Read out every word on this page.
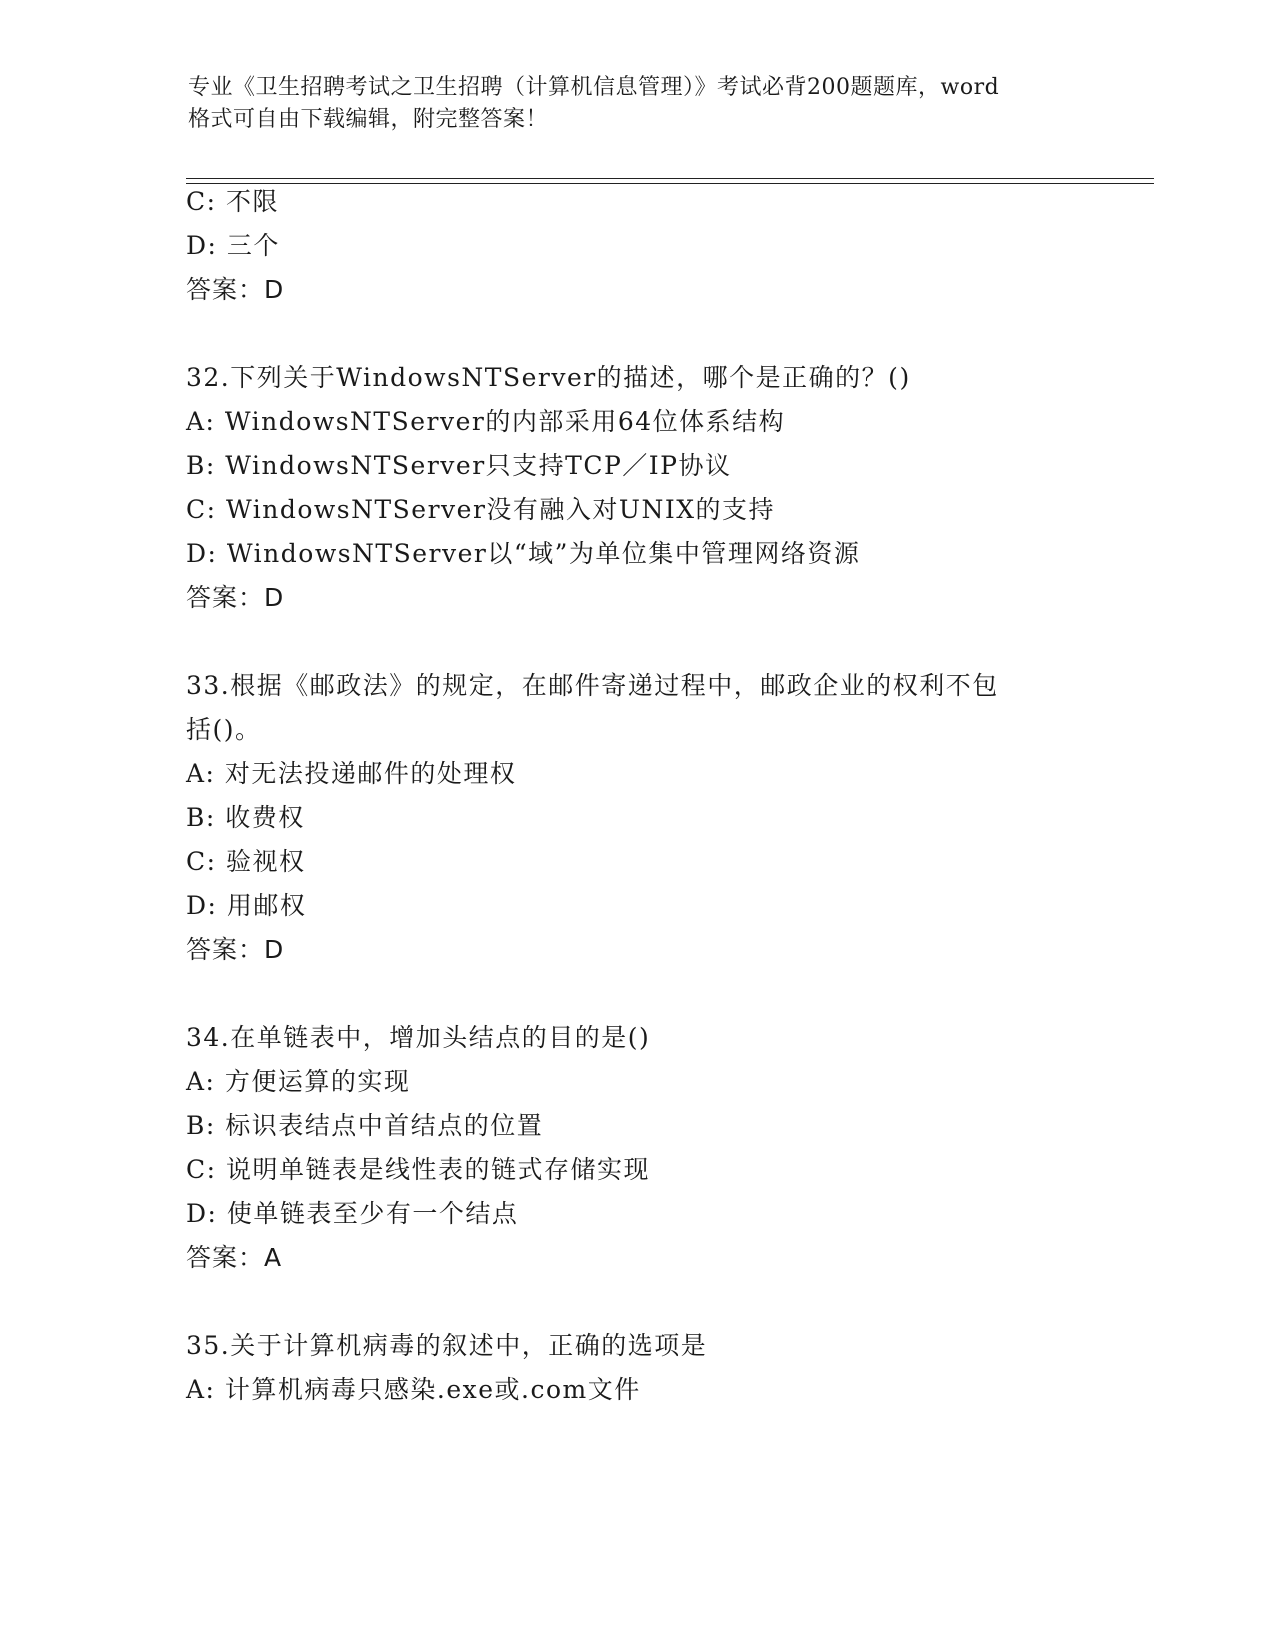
专业《卫生招聘考试之卫生招聘（计算机信息管理）》考试必背200题题库，word
格式可自由下载编辑，附完整答案！
C: 不限
D: 三个
答案：D
32.下列关于WindowsNTServer的描述，哪个是正确的？()
A: WindowsNTServer的内部采用64位体系结构
B: WindowsNTServer只支持TCP／IP协议
C: WindowsNTServer没有融入对UNIX的支持
D: WindowsNTServer以“域”为单位集中管理网络资源
答案：D
33.根据《邮政法》的规定，在邮件寄递过程中，邮政企业的权利不包
括()。
A: 对无法投递邮件的处理权
B: 收费权
C: 验视权
D: 用邮权
答案：D
34.在单链表中，增加头结点的目的是()
A: 方便运算的实现
B: 标识表结点中首结点的位置
C: 说明单链表是线性表的链式存储实现
D: 使单链表至少有一个结点
答案：A
35.关于计算机病毒的叙述中，正确的选项是
A: 计算机病毒只感染.exe或.com文件
